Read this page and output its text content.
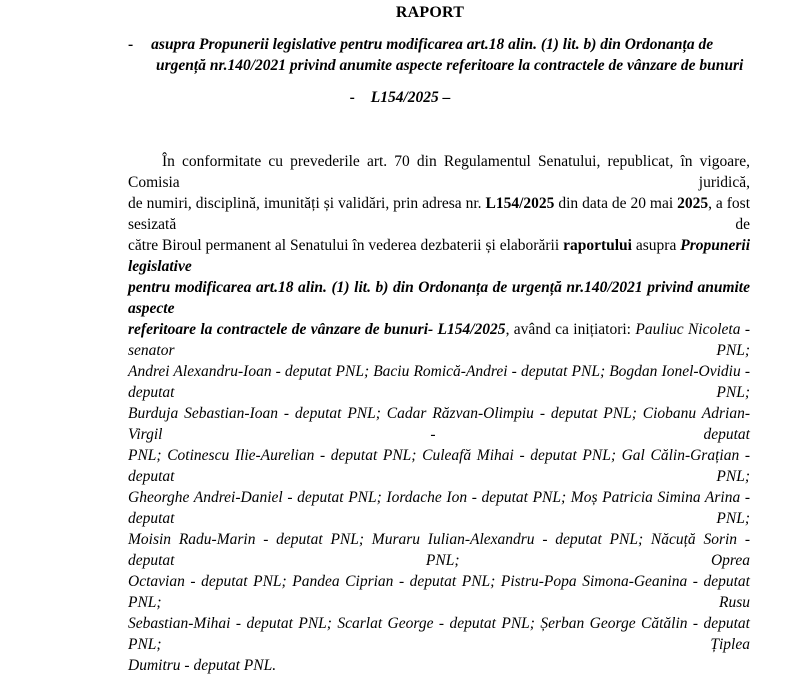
RAPORT
- asupra Propunerii legislative pentru modificarea art.18 alin. (1) lit. b) din Ordonanța de
urgență nr.140/2021 privind anumite aspecte referitoare la contractele de vânzare de bunuri
- L154/2025 –
În conformitate cu prevederile art. 70 din Regulamentul Senatului, republicat, în vigoare, Comisia juridică,
de numiri, disciplină, imunități și validări, prin adresa nr. L154/2025 din data de 20 mai 2025, a fost sesizată de
către Biroul permanent al Senatului în vederea dezbaterii și elaborării raportului asupra Propunerii legislative
pentru modificarea art.18 alin. (1) lit. b) din Ordonanța de urgență nr.140/2021 privind anumite aspecte
referitoare la contractele de vânzare de bunuri- L154/2025, având ca inițiatori: Pauliuc Nicoleta - senator PNL;
Andrei Alexandru-Ioan - deputat PNL; Baciu Romică-Andrei - deputat PNL; Bogdan Ionel-Ovidiu - deputat PNL;
Burduja Sebastian-Ioan - deputat PNL; Cadar Răzvan-Olimpiu - deputat PNL; Ciobanu Adrian-Virgil - deputat
PNL; Cotinescu Ilie-Aurelian - deputat PNL; Culeafă Mihai - deputat PNL; Gal Călin-Grațian - deputat PNL;
Gheorghe Andrei-Daniel - deputat PNL; Iordache Ion - deputat PNL; Moș Patricia Simina Arina - deputat PNL;
Moisin Radu-Marin - deputat PNL; Muraru Iulian-Alexandru - deputat PNL; Năcuță Sorin - deputat PNL; Oprea
Octavian - deputat PNL; Pandea Ciprian - deputat PNL; Pistru-Popa Simona-Geanina - deputat PNL; Rusu
Sebastian-Mihai - deputat PNL; Scarlat George - deputat PNL; Șerban George Cătălin - deputat PNL; Țiplea
Dumitru - deputat PNL.
